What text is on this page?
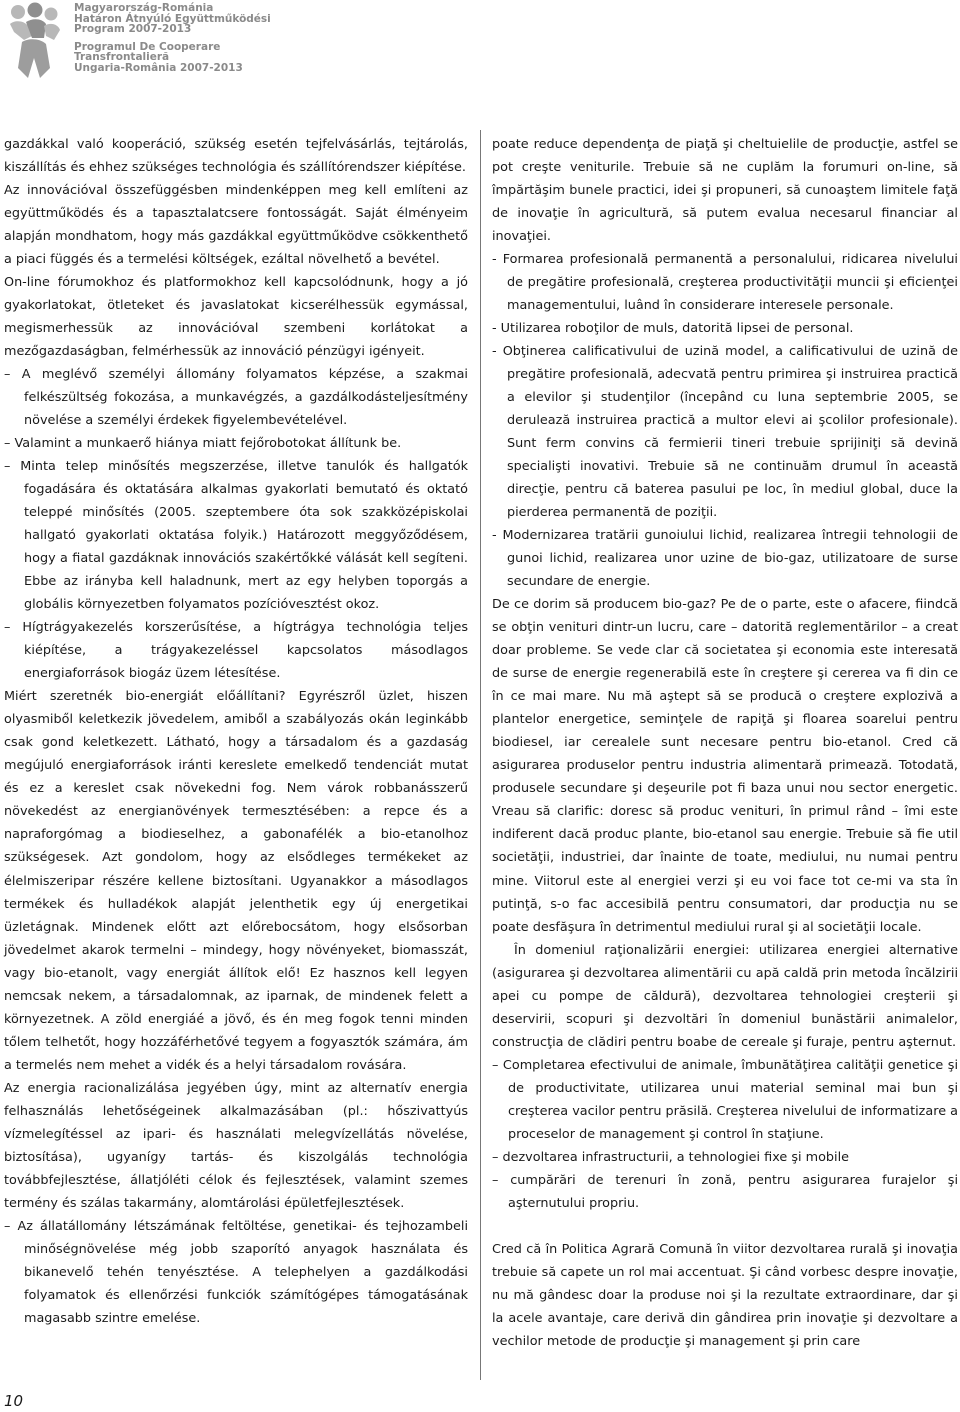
Magyarország-Románia
Határon Átnyúló Együttműködési
Program 2007-2013
Programul De Cooperare
Transfrontalieră
Ungaria-România 2007-2013

gazdákkal való kooperáció, szükség esetén tejfelvásárlás, tejtárolás, kiszállítás és ehhez szükséges technológia és szállítórendszer kiépítése.

Az innovációval összefüggésben mindenképpen meg kell említeni az együttműködés és a tapasztalatcsere fontosságát. Saját élményeim alapján mondhatom, hogy más gazdákkal együttműködve csökkenthető a piaci függés és a termelési költségek, ezáltal növelhető a bevétel.

On-line fórumokhoz és platformokhoz kell kapcsolódnunk, hogy a jó gyakorlatokat, ötleteket és javaslatokat kicserélhessük egymással, megismerhessük az innovációval szembeni korlátokat a mezőgazdaságban, felmérhessük az innováció pénzügyi igényeit.

– A meglévő személyi állomány folyamatos képzése, a szakmai felkészültség fokozása, a munkavégzés, a gazdálkodásteljesítmény növelése a személyi érdekek figyelembevételével.

– Valamint a munkaerő hiánya miatt fejőrobotokat állítunk be.

– Minta telep minősítés megszerzése, illetve tanulók és hallgatók fogadására és oktatására alkalmas gyakorlati bemutató és oktató teleppé minősítés (2005. szeptembere óta sok szakközépiskolai hallgató gyakorlati oktatása folyik.) Határozott meggyőződésem, hogy a fiatal gazdáknak innovációs szakértőkké válását kell segíteni. Ebbe az irányba kell haladnunk, mert az egy helyben toporgás a globális környezetben folyamatos pozícióvesztést okoz.

– Hígtrágyakezelés korszerűsítése, a hígtrágya technológia teljes kiépítése, a trágyakezeléssel kapcsolatos másodlagos energiaforrások biogáz üzem létesítése.

Miért szeretnék bio-energiát előállítani? Egyrészről üzlet, hiszen olyasmiből keletkezik jövedelem, amiből a szabályozás okán leginkább csak gond keletkezett. Látható, hogy a társadalom és a gazdaság megújuló energiaforrások iránti kereslete emelkedő tendenciát mutat és ez a kereslet csak növekedni fog. Nem várok robbanásszerű növekedést az energianövények termesztésében: a repce és a napraforgómag a biodieselhez, a gabonafélék a bio-etanolhoz szükségesek. Azt gondolom, hogy az elsődleges termékeket az élelmiszeripar részére kellene biztosítani. Ugyanakkor a másodlagos termékek és hulladékok alapját jelenthetik egy új energetikai üzletágnak. Mindenek előtt azt előrebocsátom, hogy elsősorban jövedelmet akarok termelni – mindegy, hogy növényeket, biomasszát, vagy bio-etanolt, vagy energiát állítok elő! Ez hasznos kell legyen nemcsak nekem, a társadalomnak, az iparnak, de mindenek felett a környezetnek. A zöld energiáé a jövő, és én meg fogok tenni minden tőlem telhetőt, hogy hozzáférhetővé tegyem a fogyasztók számára, ám a termelés nem mehet a vidék és a helyi társadalom rovására.

Az energia racionalizálása jegyében úgy, mint az alternatív energia felhasználás lehetőségeinek alkalmazásában (pl.: hőszivattyús vízmelegítéssel az ipari- és használati melegvízellátás növelése, biztosítása), ugyanígy tartás- és kiszolgálás technológia továbbfejlesztése, állatjóléti célok és fejlesztések, valamint szemes termény és szálas takarmány, alomtárolási épületfejlesztések.

– Az állatállomány létszámának feltöltése, genetikai- és tejhozambeli minőségnövelése még jobb szaporító anyagok használata és bikanevelő tehén tenyésztése. A telephelyen a gazdálkodási folyamatok és ellenőrzési funkciók számítógépes támogatásának magasabb szintre emelése.

poate reduce dependenţa de piaţă şi cheltuielile de producţie, astfel se pot creşte veniturile. Trebuie să ne cuplăm la forumuri on-line, să împărtăşim bunele practici, idei şi propuneri, să cunoaştem limitele faţă de inovaţie în agricultură, să putem evalua necesarul financiar al inovaţiei.

- Formarea profesională permanentă a personalului, ridicarea nivelului de pregătire profesională, creşterea productivităţii muncii şi eficienţei managementului, luând în considerare interesele personale.

- Utilizarea roboţilor de muls, datorită lipsei de personal.

- Obţinerea calificativului de uzină model, a calificativului de uzină de pregătire profesională, adecvată pentru primirea şi instruirea practică a elevilor şi studenţilor (începând cu luna septembrie 2005, se derulează instruirea practică a multor elevi ai şcolilor profesionale). Sunt ferm convins că fermierii tineri trebuie sprijiniţi să devină specialişti inovativi. Trebuie să ne continuăm drumul în această direcţie, pentru că baterea pasului pe loc, în mediul global, duce la pierderea permanentă de poziţii.

- Modernizarea tratării gunoiului lichid, realizarea întregii tehnologii de gunoi lichid, realizarea unor uzine de bio-gaz, utilizatoare de surse secundare de energie.

De ce dorim să producem bio-gaz? Pe de o parte, este o afacere, fiindcă se obţin venituri dintr-un lucru, care – datorită reglementărilor – a creat doar probleme. Se vede clar că societatea şi economia este interesată de surse de energie regenerabilă este în creştere şi cererea va fi din ce în ce mai mare. Nu mă aştept să se producă o creştere explozivă a plantelor energetice, seminţele de rapiţă şi floarea soarelui pentru biodiesel, iar cerealele sunt necesare pentru bio-etanol. Cred că asigurarea produselor pentru industria alimentară primează. Totodată, produsele secundare şi deşeurile pot fi baza unui nou sector energetic. Vreau să clarific: doresc să produc venituri, în primul rând – îmi este indiferent dacă produc plante, bio-etanol sau energie. Trebuie să fie util societăţii, industriei, dar înainte de toate, mediului, nu numai pentru mine. Viitorul este al energiei verzi şi eu voi face tot ce-mi va sta în putinţă, s-o fac accesibilă pentru consumatori, dar producţia nu se poate desfăşura în detrimentul mediului rural şi al societăţii locale.

În domeniul raţionalizării energiei: utilizarea energiei alternative (asigurarea şi dezvoltarea alimentării cu apă caldă prin metoda încălzirii apei cu pompe de căldură), dezvoltarea tehnologiei creşterii şi deservirii, scopuri şi dezvoltări în domeniul bunăstării animalelor, construcţia de clădiri pentru boabe de cereale şi furaje, pentru aşternut.

– Completarea efectivului de animale, îmbunătăţirea calităţii genetice şi de productivitate, utilizarea unui material seminal mai bun şi creşterea vacilor pentru prăsilă. Creşterea nivelului de informatizare a proceselor de management şi control în staţiune.

– dezvoltarea infrastructurii, a tehnologiei fixe şi mobile

– cumpărări de terenuri în zonă, pentru asigurarea furajelor şi aşternutului propriu.

Cred că în Politica Agrară Comună în viitor dezvoltarea rurală şi inovaţia trebuie să capete un rol mai accentuat. Şi când vorbesc despre inovaţie, nu mă gândesc doar la produse noi şi la rezultate extraordinare, dar şi la acele avantaje, care derivă din gândirea prin inovaţie şi dezvoltare a vechilor metode de producţie şi management şi prin care

10
